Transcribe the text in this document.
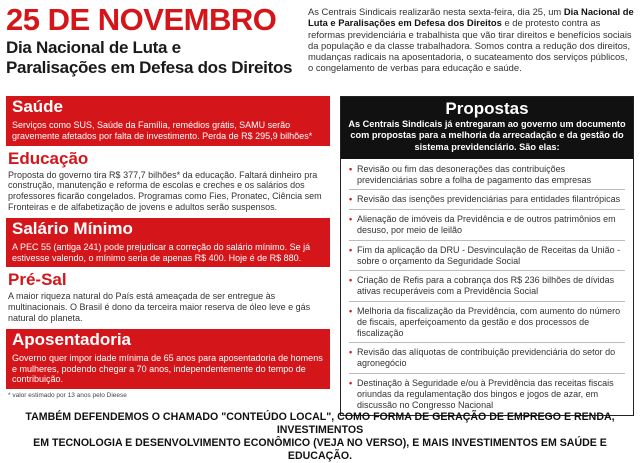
25 DE NOVEMBRO
Dia Nacional de Luta e
Paralisações em Defesa dos Direitos
As Centrais Sindicais realizarão nesta sexta-feira, dia 25, um Dia Nacional de Luta e Paralisações em Defesa dos Direitos e de protesto contra as reformas previdenciária e trabalhista que vão tirar direitos e benefícios sociais da população e da classe trabalhadora. Somos contra a redução dos direitos, mudanças radicais na aposentadoria, o sucateamento dos serviços públicos, o congelamento de verbas para educação e saúde.
Saúde
Serviços como SUS, Saúde da Família, remédios grátis, SAMU serão gravemente afetados por falta de investimento. Perda de R$ 295,9 bilhões*
Educação
Proposta do governo tira R$ 377,7 bilhões* da educação. Faltará dinheiro pra construção, manutenção e reforma de escolas e creches e os salários dos professores ficarão congelados. Programas como Fies, Pronatec, Ciência sem Fronteiras e de alfabetização de jovens e adultos serão suspensos.
Salário Mínimo
A PEC 55 (antiga 241) pode prejudicar a correção do salário mínimo. Se já estivesse valendo, o mínimo seria de apenas R$ 400. Hoje é de R$ 880.
Pré-Sal
A maior riqueza natural do País está ameaçada de ser entregue às multinacionais. O Brasil é dono da terceira maior reserva de óleo leve e gás natural do planeta.
Aposentadoria
Governo quer impor idade mínima de 65 anos para aposentadoria de homens e mulheres, podendo chegar a 70 anos, independentemente do tempo de contribuição.
* valor estimado por 13 anos pelo Dieese
Propostas
As Centrais Sindicais já entregaram ao governo um documento com propostas para a melhoria da arrecadação e da gestão do sistema previdenciário. São elas:
• Revisão ou fim das desonerações das contribuições previdenciárias sobre a folha de pagamento das empresas
• Revisão das isenções previdenciárias para entidades filantrópicas
• Alienação de imóveis da Previdência e de outros patrimônios em desuso, por meio de leilão
• Fim da aplicação da DRU - Desvinculação de Receitas da União - sobre o orçamento da Seguridade Social
• Criação de Refis para a cobrança dos R$ 236 bilhões de dívidas ativas recuperáveis com a Previdência Social
• Melhoria da fiscalização da Previdência, com aumento do número de fiscais, aperfeiçoamento da gestão e dos processos de fiscalização
• Revisão das alíquotas de contribuição previdenciária do setor do agronegócio
• Destinação à Seguridade e/ou à Previdência das receitas fiscais oriundas da regulamentação dos bingos e jogos de azar, em discussão no Congresso Nacional
TAMBÉM DEFENDEMOS O CHAMADO "CONTEÚDO LOCAL", COMO FORMA DE GERAÇÃO DE EMPREGO E RENDA, INVESTIMENTOS
EM TECNOLOGIA E DESENVOLVIMENTO ECONÔMICO (VEJA NO VERSO), E MAIS INVESTIMENTOS EM SAÚDE E EDUCAÇÃO.
